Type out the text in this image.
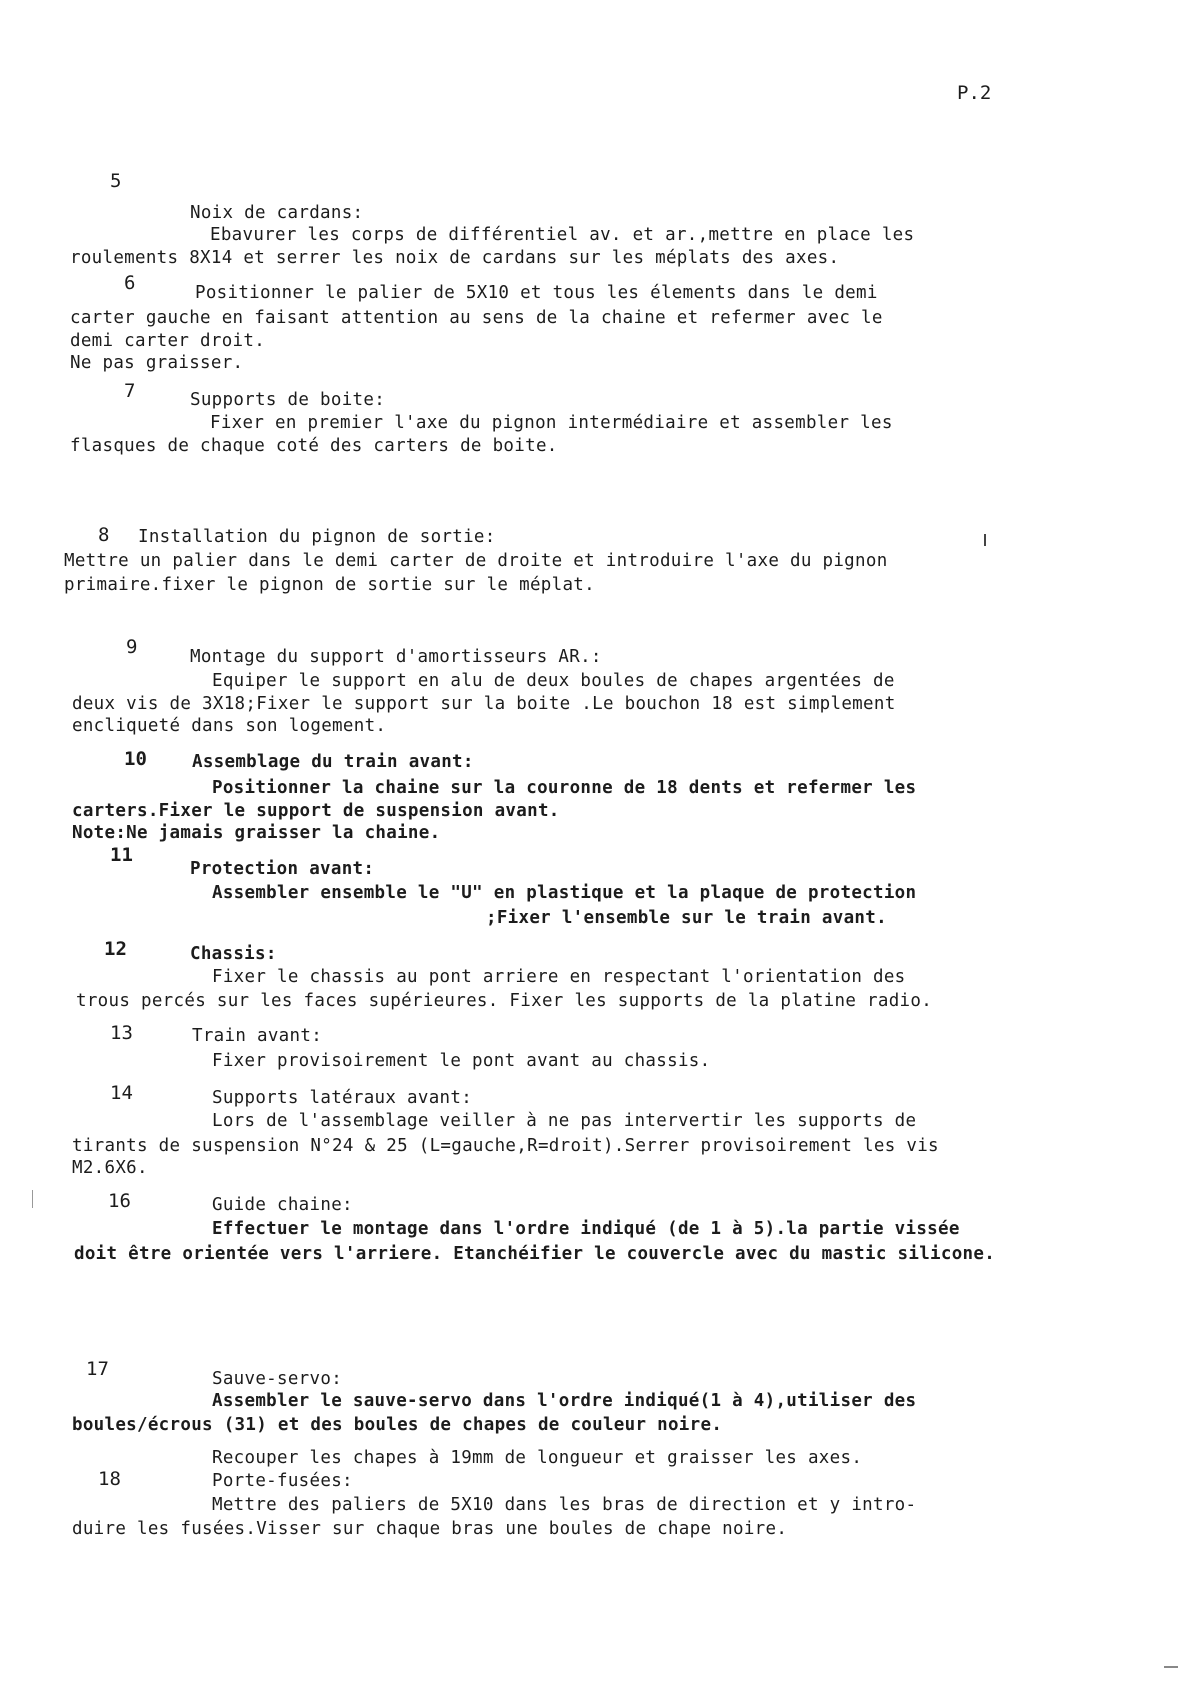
P.2
5
Noix de cardans:
Ebavurer les corps de différentiel av. et ar.,mettre en place les
roulements 8X14 et serrer les noix de cardans sur les méplats des axes.
6	Positionner le palier de 5X10 et tous les élements dans le demi
carter gauche en faisant attention au sens de la chaine et refermer avec le
demi carter droit.
Ne pas graisser.
7	Supports de boite:
Fixer en premier l'axe du pignon intermédiaire et assembler les
flasques de chaque coté des carters de boite.
8 Installation du pignon de sortie:
Mettre un palier dans le demi carter de droite et introduire l'axe du pignon
primaire.fixer le pignon de sortie sur le méplat.
9	Montage du support d'amortisseurs AR.:
Equiper le support en alu de deux boules de chapes argentées de
deux vis de 3X18;Fixer le support sur la boite .Le bouchon 18 est simplement
encliqueté dans son logement.
10	Assemblage du train avant:
Positionner la chaine sur la couronne de 18 dents et refermer les
carters.Fixer le support de suspension avant.
Note:Ne jamais graisser la chaine.
11
Protection avant:
Assembler ensemble le "U" en plastique et la plaque de protection
;Fixer l'ensemble sur le train avant.
12	Chassis:
Fixer le chassis au pont arriere en respectant l'orientation des
trous percés sur les faces supérieures. Fixer les supports de la platine radio.
13	Train avant:
Fixer provisoirement le pont avant au chassis.
14	Supports latéraux avant:
Lors de l'assemblage veiller à ne pas intervertir les supports de
tirants de suspension N°24 & 25 (L=gauche,R=droit).Serrer provisoirement les vis
M2.6X6.
16	Guide chaine:
Effectuer le montage dans l'ordre indiqué (de 1 à 5).la partie vissée
doit être orientée vers l'arriere. Etanchéifier le couvercle avec du mastic silicone.
17	Sauve-servo:
Assembler le sauve-servo dans l'ordre indiqué(1 à 4),utiliser des
boules/écrous (31) et des boules de chapes de couleur noire.
Recouper les chapes à 19mm de longueur et graisser les axes.
18	Porte-fusées:
Mettre des paliers de 5X10 dans les bras de direction et y intro-
duire les fusées.Visser sur chaque bras une boules de chape noire.
